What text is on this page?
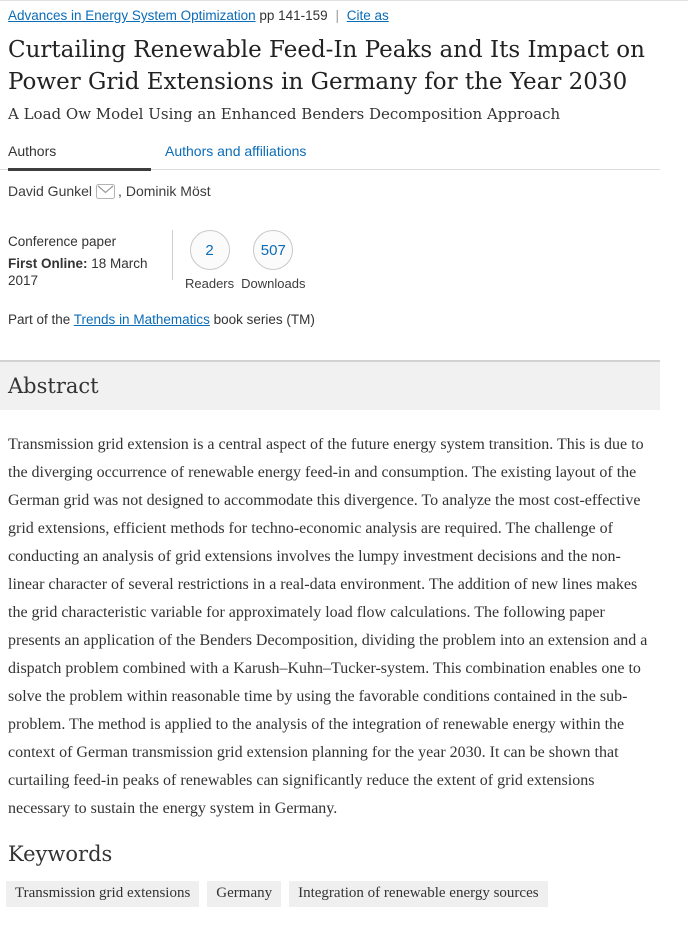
Advances in Energy System Optimization pp 141-159 | Cite as
Curtailing Renewable Feed-In Peaks and Its Impact on Power Grid Extensions in Germany for the Year 2030
A Load Ow Model Using an Enhanced Benders Decomposition Approach
Authors	Authors and affiliations
David Gunkel , Dominik Möst
Conference paper
First Online: 18 March 2017
2
Readers
507
Downloads
Part of the Trends in Mathematics book series (TM)
Abstract

Transmission grid extension is a central aspect of the future energy system transition. This is due to the diverging occurrence of renewable energy feed-in and consumption. The existing layout of the German grid was not designed to accommodate this divergence. To analyze the most cost-effective grid extensions, efficient methods for techno-economic analysis are required. The challenge of conducting an analysis of grid extensions involves the lumpy investment decisions and the non-linear character of several restrictions in a real-data environment. The addition of new lines makes the grid characteristic variable for approximately load flow calculations. The following paper presents an application of the Benders Decomposition, dividing the problem into an extension and a dispatch problem combined with a Karush–Kuhn–Tucker-system. This combination enables one to solve the problem within reasonable time by using the favorable conditions contained in the sub-problem. The method is applied to the analysis of the integration of renewable energy within the context of German transmission grid extension planning for the year 2030. It can be shown that curtailing feed-in peaks of renewables can significantly reduce the extent of grid extensions necessary to sustain the energy system in Germany.

Keywords
Transmission grid extensions Germany Integration of renewable energy sources
